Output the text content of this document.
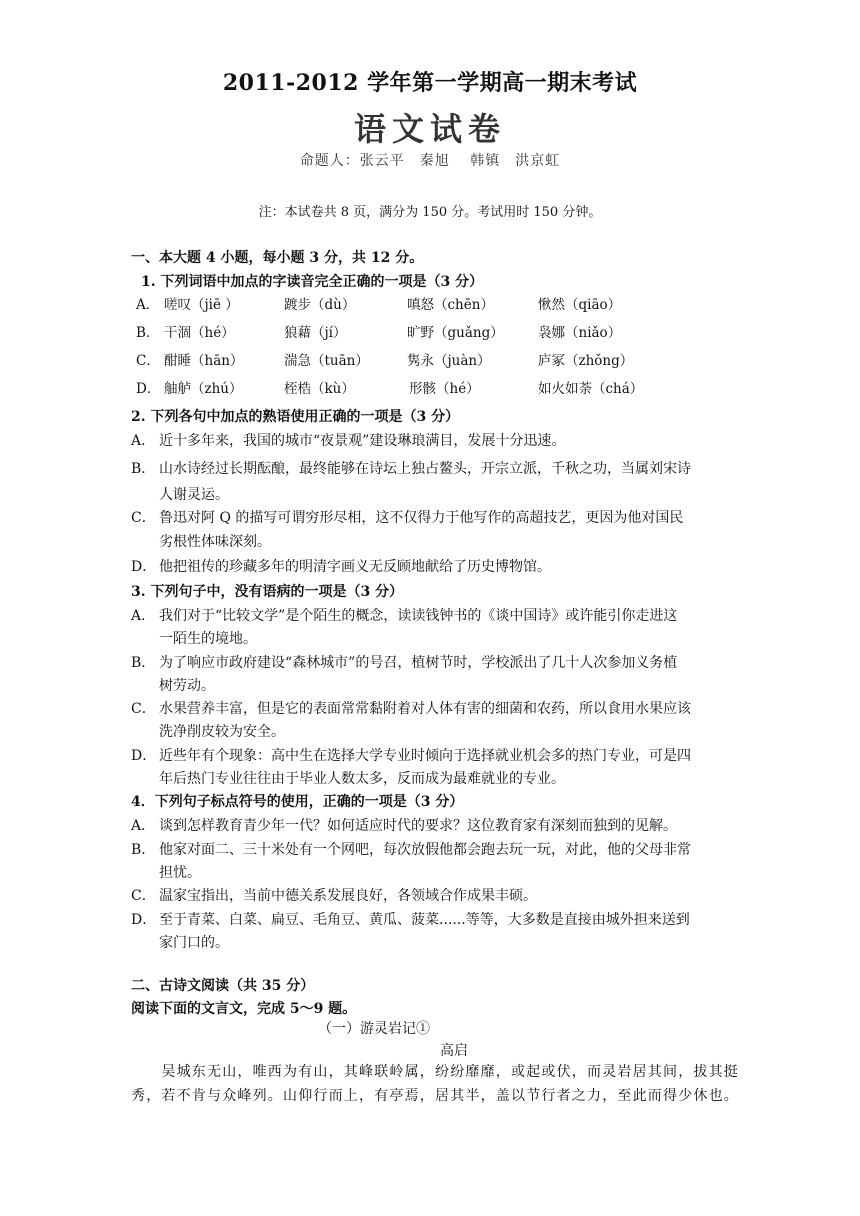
2011-2012 学年第一学期高一期末考试
语文试卷
命题人：张云平　秦旭　 韩镇　洪京虹
注：本试卷共 8 页，满分为 150 分。考试用时 150 分钟。
一、本大题 4 小题，每小题 3 分，共 12 分。
1. 下列词语中加点的字读音完全正确的一项是（3 分）
A． 嗟叹（jiē ）	踱步（dù）	嗔怒（chēn）	愀然（qiāo）
B． 干涸（hé）	狼藉（jí）	旷野（guǎng）	袅娜（niǎo）
C． 酣睡（hān）	湍急（tuān）	隽永（juàn）	庐冢（zhǒng）
D． 舳舻（zhú）	桎梏（kù）	形骸（hé）	如火如荼（chá）
2. 下列各句中加点的熟语使用正确的一项是（3 分）
A． 近十多年来，我国的城市“夜景观”建设琳琅满目，发展十分迅速。
B． 山水诗经过长期酝酿，最终能够在诗坛上独占鳌头，开宗立派，千秋之功，当属刘宋诗
人谢灵运。
C． 鲁迅对阿 Q 的描写可谓穷形尽相，这不仅得力于他写作的高超技艺，更因为他对国民
劣根性体味深刻。
D． 他把祖传的珍藏多年的明清字画义无反顾地献给了历史博物馆。
3. 下列句子中，没有语病的一项是（3 分）
A． 我们对于“比较文学”是个陌生的概念，读读钱钟书的《谈中国诗》或许能引你走进这
一陌生的境地。
B． 为了响应市政府建设“森林城市”的号召，植树节时，学校派出了几十人次参加义务植
树劳动。
C． 水果营养丰富，但是它的表面常常黏附着对人体有害的细菌和农药，所以食用水果应该
洗净削皮较为安全。
D． 近些年有个现象：高中生在选择大学专业时倾向于选择就业机会多的热门专业，可是四
年后热门专业往往由于毕业人数太多，反而成为最难就业的专业。
4．下列句子标点符号的使用，正确的一项是（3 分）
A． 谈到怎样教育青少年一代？如何适应时代的要求？这位教育家有深刻而独到的见解。
B． 他家对面二、三十米处有一个网吧，每次放假他都会跑去玩一玩，对此，他的父母非常
担忧。
C． 温家宝指出，当前中德关系发展良好，各领域合作成果丰硕。
D． 至于青菜、白菜、扁豆、毛角豆、黄瓜、菠菜......等等，大多数是直接由城外担来送到
家门口的。
二、古诗文阅读（共 35 分）
阅读下面的文言文，完成 5～9 题。
（一）游灵岩记①
高启
　　吴城东无山，唯西为有山，其峰联岭属，纷纷靡靡，或起或伏，而灵岩居其间，拔其挺
秀，若不肯与众峰列。山仰行而上，有亭焉，居其半，盖以节行者之力，至此而得少休也。
